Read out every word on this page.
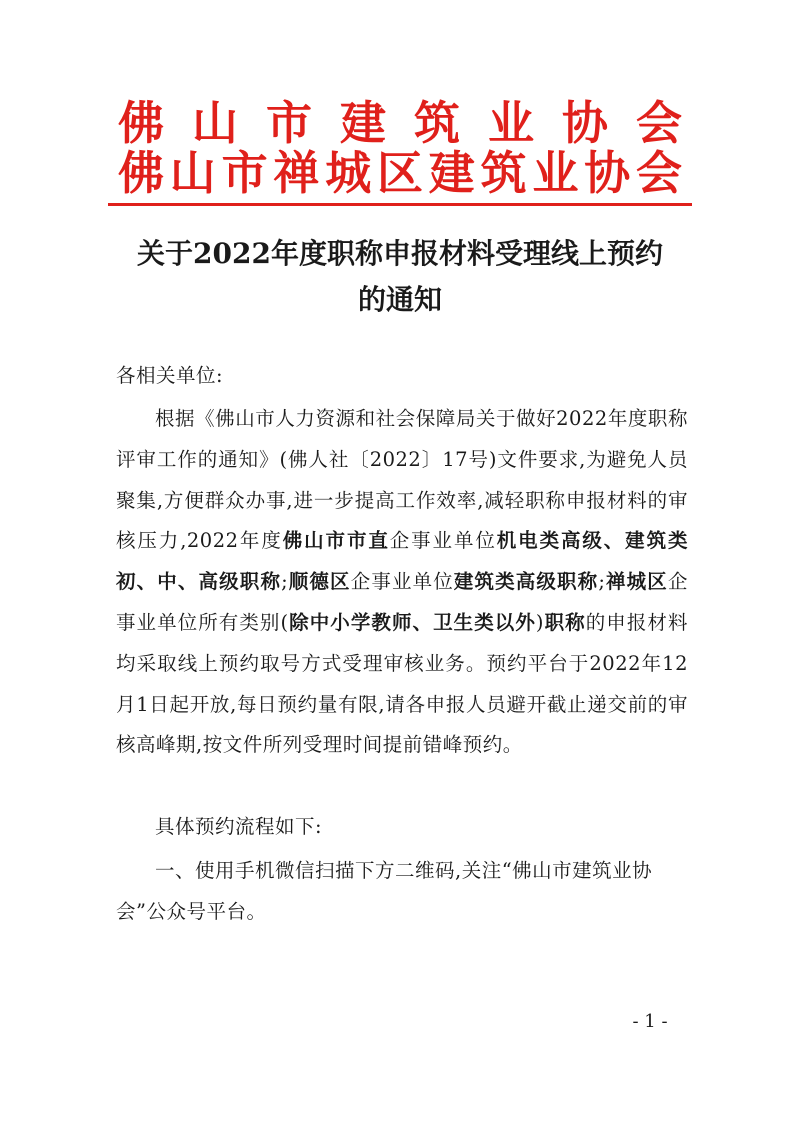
佛山市建筑业协会
佛山市禅城区建筑业协会
关于2022年度职称申报材料受理线上预约
的通知
各相关单位:
根据《佛山市人力资源和社会保障局关于做好2022年度职称评审工作的通知》(佛人社〔2022〕17号)文件要求,为避免人员聚集,方便群众办事,进一步提高工作效率,减轻职称申报材料的审核压力,2022年度佛山市市直企事业单位机电类高级、建筑类初、中、高级职称;顺德区企事业单位建筑类高级职称;禅城区企事业单位所有类别(除中小学教师、卫生类以外)职称的申报材料均采取线上预约取号方式受理审核业务。预约平台于2022年12月1日起开放,每日预约量有限,请各申报人员避开截止递交前的审核高峰期,按文件所列受理时间提前错峰预约。
具体预约流程如下:
一、使用手机微信扫描下方二维码,关注“佛山市建筑业协会”公众号平台。
- 1 -
